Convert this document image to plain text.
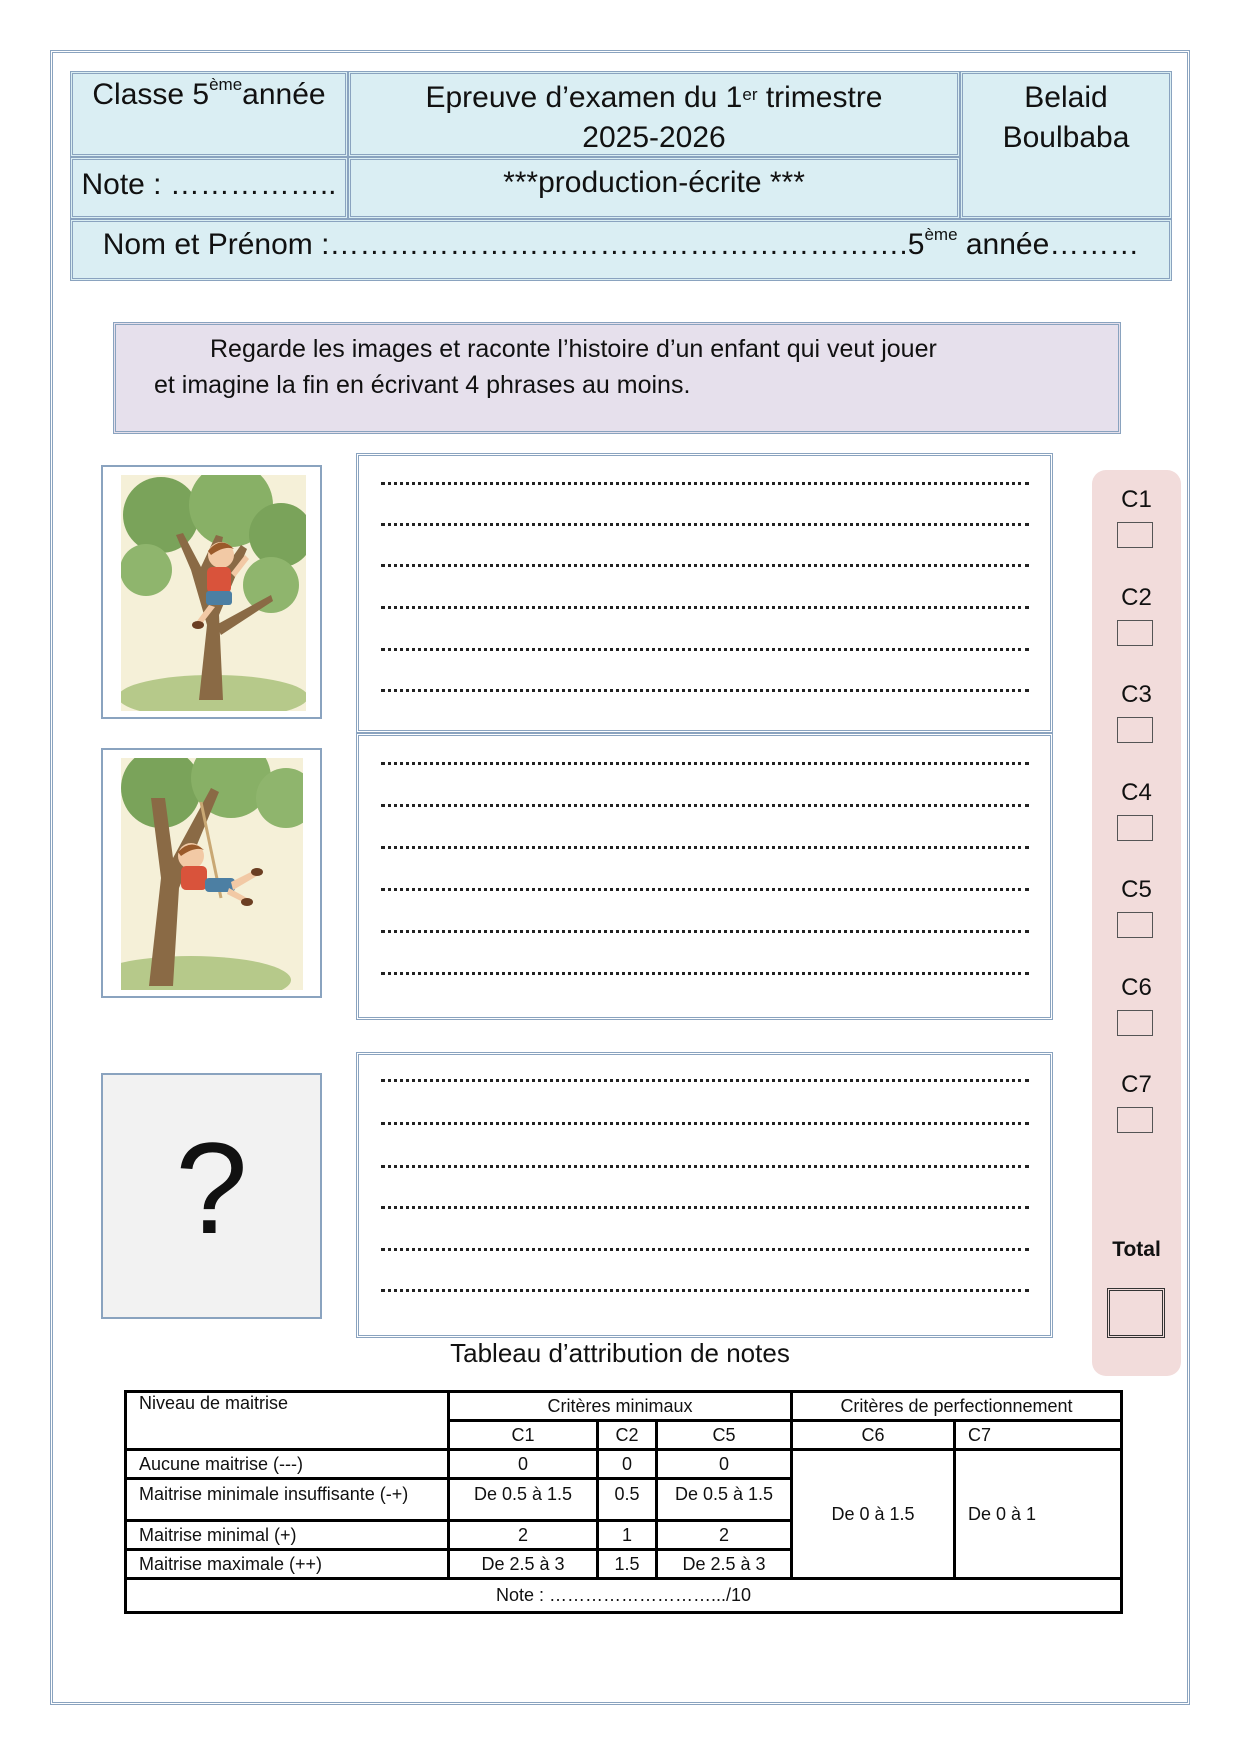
Classe 5èmeannée	Epreuve d’examen du 1er trimestre
2025-2026
Belaid
Boulbaba
Note : ……………..	***production-écrite ***
Nom et Prénom :………………………………………………….5ème année………
Regarde les images et raconte l’histoire d’un enfant qui veut jouer
et imagine la fin en écrivant 4 phrases au moins.
?	Total
C1
C2
C3
C4
C5
C6
C7
Tableau d’attribution de notes
Niveau de maitrise	Critères minimaux			Critères de perfectionnement	
	C1	C2	C5	C6	C7
Aucune maitrise (---)	0	0	0	De 0 à 1.5	De 0 à 1
Maitrise minimale insuffisante (-+)	De 0.5 à 1.5	0.5	De 0.5 à 1.5		
Maitrise minimal (+)	2	1	2		
Maitrise maximale (++)	De 2.5 à 3	1.5	De 2.5 à 3		
Note : ……………………….../10					
